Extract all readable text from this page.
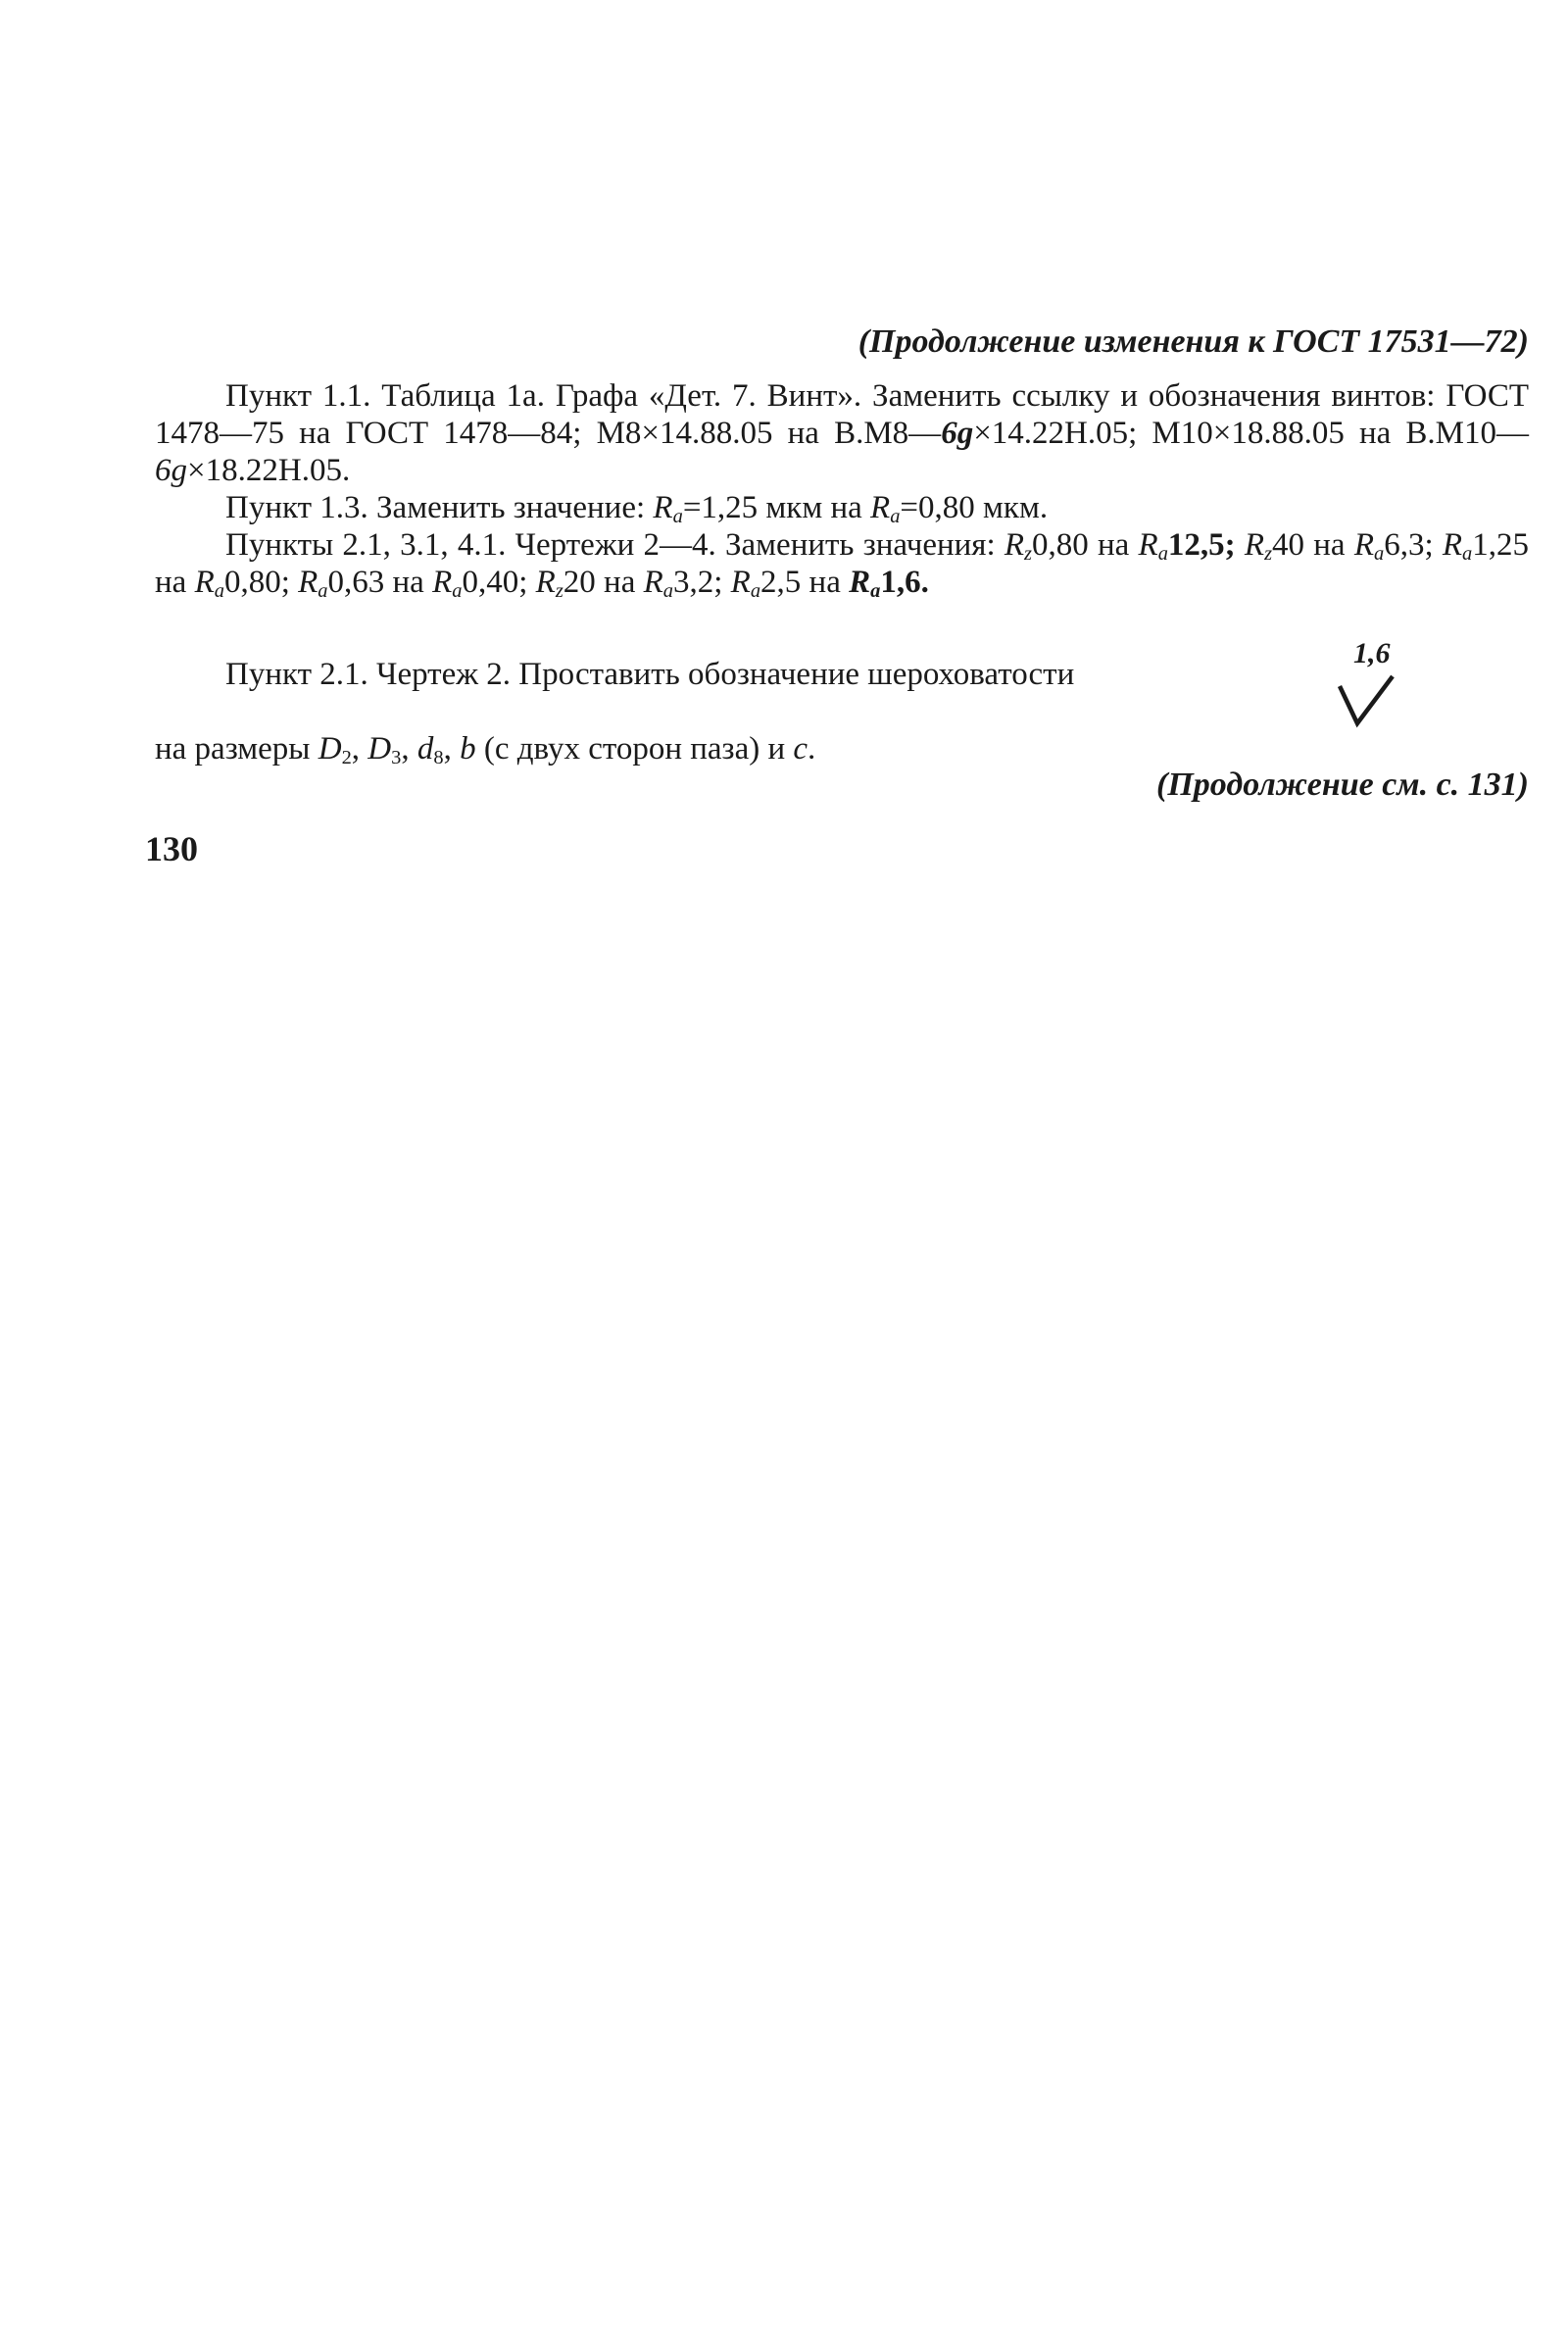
(Продолжение изменения к ГОСТ 17531—72)

Пункт 1.1. Таблица 1а. Графа «Дет. 7. Винт». Заменить ссылку и обозначения винтов: ГОСТ 1478—75 на ГОСТ 1478—84; М8×14.88.05 на В.М8—6g×14.22Н.05; М10×18.88.05 на В.М10—6g×18.22Н.05.

Пункт 1.3. Заменить значение: $R_a=1,25$ мкм на $R_a=0,80$ мкм.

Пункты 2.1, 3.1, 4.1. Чертежи 2—4. Заменить значения: $R_z0,80$ на $R_a12,5$; $R_z40$ на $R_a6,3$; $R_a1,25$ на $R_a0,80$; $R_a0,63$ на $R_a0,40$; $R_z20$ на $R_a3,2$; $R_a2,5$ на $R_a1,6$.

Пункт 2.1. Чертеж 2. Проставить обозначение шероховатости
1,6
на размеры $D_2$, $D_3$, $d_8$, b (с двух сторон паза) и c.
(Продолжение см. с. 131)
130
